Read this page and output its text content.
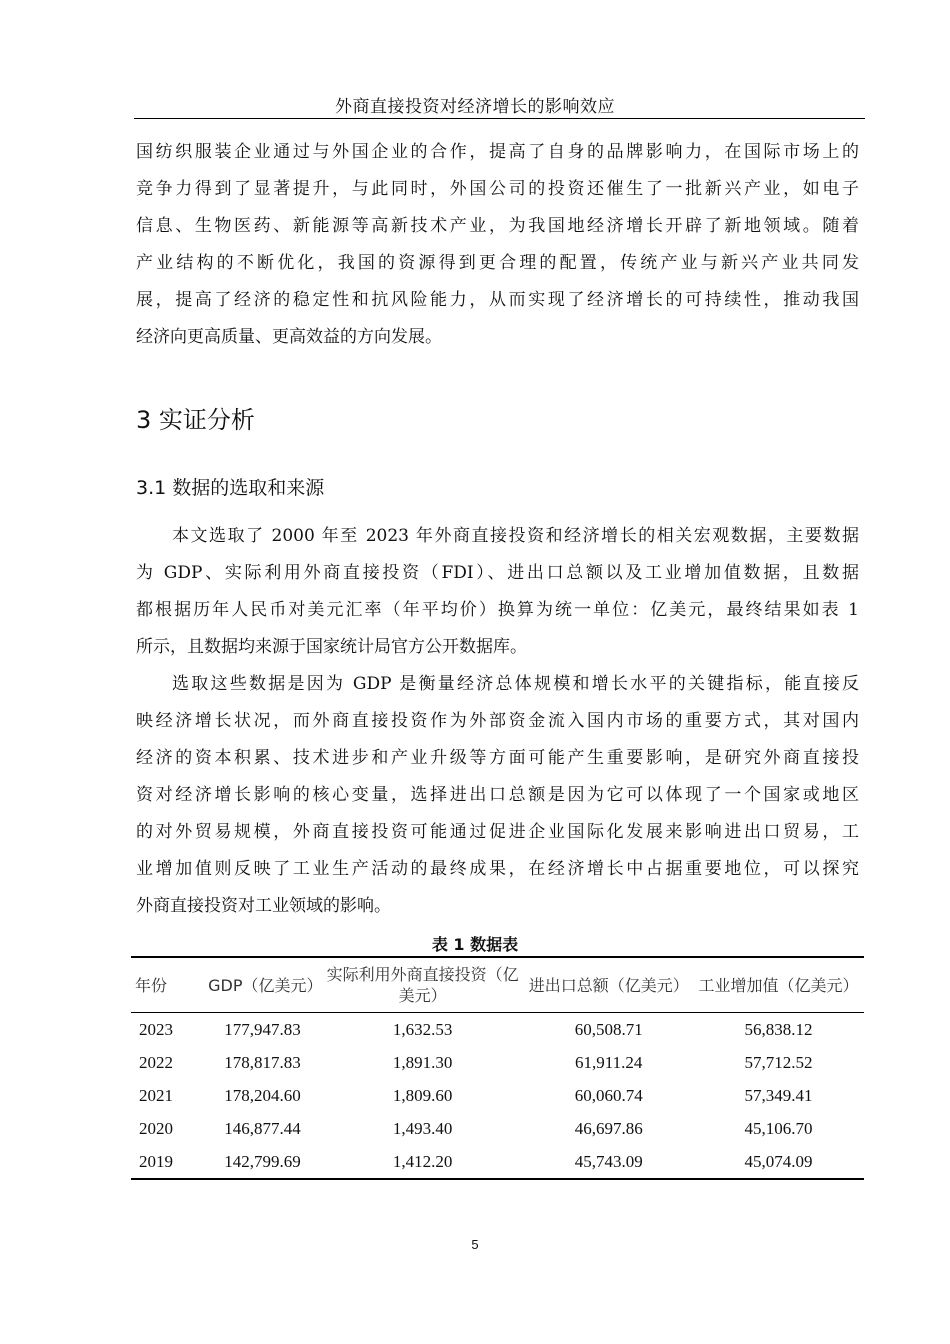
外商直接投资对经济增长的影响效应
国纺织服装企业通过与外国企业的合作，提高了自身的品牌影响力，在国际市场上的
竞争力得到了显著提升，与此同时，外国公司的投资还催生了一批新兴产业，如电子
信息、生物医药、新能源等高新技术产业，为我国地经济增长开辟了新地领域。随着
产业结构的不断优化，我国的资源得到更合理的配置，传统产业与新兴产业共同发
展，提高了经济的稳定性和抗风险能力，从而实现了经济增长的可持续性，推动我国
经济向更高质量、更高效益的方向发展。
3 实证分析
3.1 数据的选取和来源
本文选取了 2000 年至 2023 年外商直接投资和经济增长的相关宏观数据，主要数据
为 GDP、实际利用外商直接投资（FDI）、进出口总额以及工业增加值数据，且数据
都根据历年人民币对美元汇率（年平均价）换算为统一单位：亿美元，最终结果如表 1
所示，且数据均来源于国家统计局官方公开数据库。
选取这些数据是因为 GDP 是衡量经济总体规模和增长水平的关键指标，能直接反
映经济增长状况，而外商直接投资作为外部资金流入国内市场的重要方式，其对国内
经济的资本积累、技术进步和产业升级等方面可能产生重要影响，是研究外商直接投
资对经济增长影响的核心变量，选择进出口总额是因为它可以体现了一个国家或地区
的对外贸易规模，外商直接投资可能通过促进企业国际化发展来影响进出口贸易，工
业增加值则反映了工业生产活动的最终成果，在经济增长中占据重要地位，可以探究
外商直接投资对工业领域的影响。
表 1 数据表
年份	GDP（亿美元）	实际利用外商直接投资（亿美元）	进出口总额（亿美元）	工业增加值（亿美元）
2023	177,947.83	1,632.53	60,508.71	56,838.12
2022	178,817.83	1,891.30	61,911.24	57,712.52
2021	178,204.60	1,809.60	60,060.74	57,349.41
2020	146,877.44	1,493.40	46,697.86	45,106.70
2019	142,799.69	1,412.20	45,743.09	45,074.09
5
